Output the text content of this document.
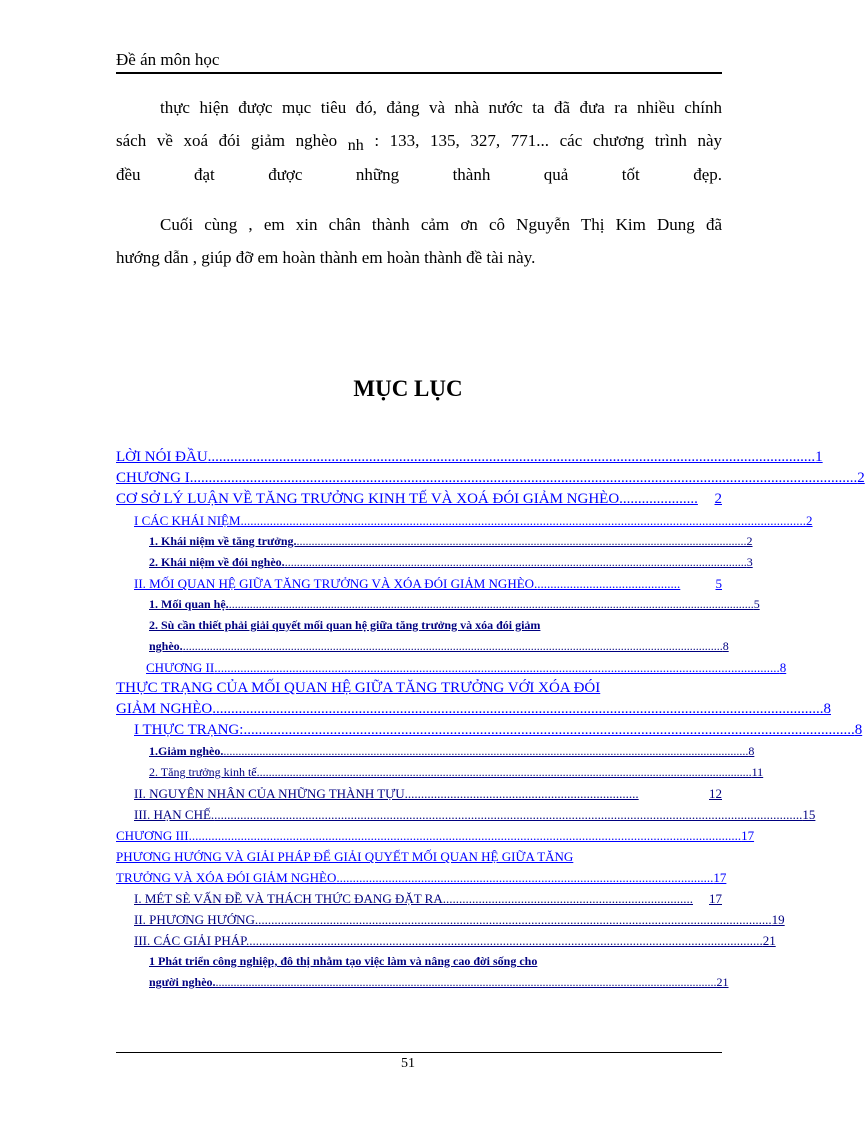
Đề án môn học
thực hiện được mục tiêu đó, đảng và nhà nước ta đã đưa ra nhiều chính
sách về xoá đói giảm nghèo nh : 133, 135, 327, 771... các chương trình này
đều đạt được những thành quả tốt đẹp.
Cuối cùng , em xin chân thành cảm ơn cô Nguyễn Thị Kim Dung đã
hướng dẫn , giúp đỡ em hoàn thành em hoàn thành đề tài này.
MỤC LỤC
LỜI NÓI ĐẦU .................................................................................................................................................................. 1
CHƯƠNG I .................................................................................................................................................................................. 2
CƠ SỞ LÝ LUẬN VỀ TĂNG TRƯỞNG KINH TẾ VÀ XOÁ ĐÓI GIẢM NGHÈO .....................	2
I CÁC KHÁI NIỆM .............................................................................................................................................................................. 2
1. Khái niệm về tăng trưởng. ...................................................................................................................................................... 2
2. Khái niệm về đói nghèo. .......................................................................................................................................................... 3
II. MỐI QUAN HỆ GIỮA TĂNG TRƯỞNG VÀ XÓA ĐÓI GIẢM NGHÈO. ............................................	5
1. Mối quan hệ. ............................................................................................................................................................................... 5
2. Sù cần thiết phải giải quyết mối quan hệ giữa tăng trưởng và xóa đói giảm
nghèo. .................................................................................................................................................................................... 8
CHƯƠNG II .............................................................................................................................................................................. 8
THỰC TRẠNG CỦA MỐI QUAN HỆ GIỮA TĂNG TRƯỞNG VỚI XÓA ĐÓI
GIẢM NGHÈO ................................................................................................................................................................... 8
I THỰC TRẠNG: ................................................................................................................................................................... 8
1.Giảm nghèo. ............................................................................................................................................................................... 8
2. Tăng trưởng kinh tế. .................................................................................................................................................................... 11
II. NGUYÊN NHÂN CỦA NHỮNG THÀNH TỰU. .......................................................................	12
III. HẠN CHẾ. ..................................................................................................................................................................................... 15
CHƯƠNG III .......................................................................................................................................................................... 17
PHƯƠNG HƯỚNG VÀ GIẢI PHÁP ĐỂ GIẢI QUYẾT MỐI QUAN HỆ GIỮA TĂNG
TRƯỞNG VÀ XÓA ĐÓI GIẢM NGHÈO .................................................................................................................... 17
I. MÉT SÈ VẤN ĐỀ VÀ THÁCH THỨC ĐANG ĐẶT RA. ............................................................................	17
II. PHƯƠNG HƯỚNG. .............................................................................................................................................................. 19
III. CÁC GIẢI PHÁP. .............................................................................................................................................................. 21
1 Phát triển công nghiệp, đô thị nhằm tạo việc làm và nâng cao đời sống cho
người nghèo. ....................................................................................................................................................................... 21
51
